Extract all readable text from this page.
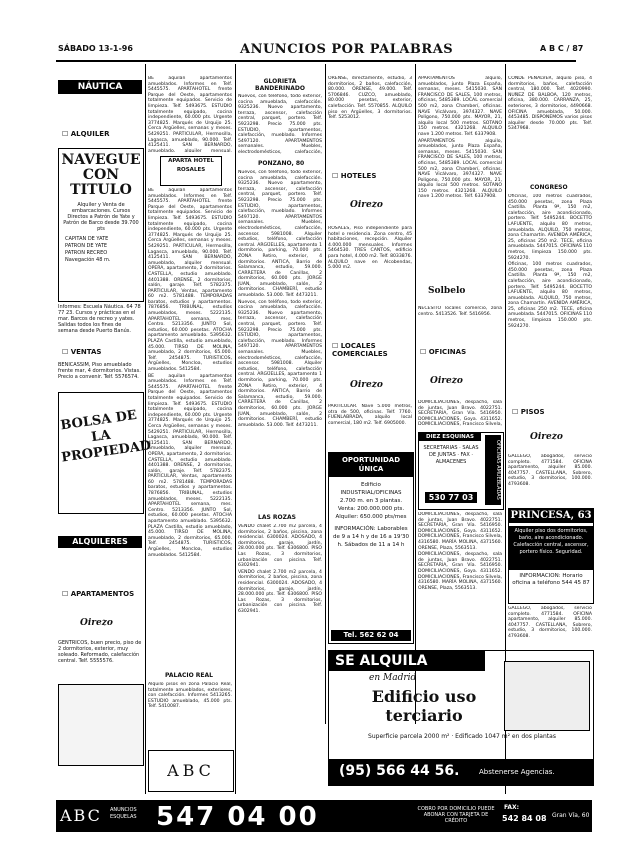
SÁBADO 13-1-96	ANUNCIOS POR PALABRAS	A B C / 87
NÁUTICA
☐ ALQUILER
NAVEGUE CON TITULO
Alquiler y Venta de embarcaciones. Cursos Directos a Patrón de Yate y Patrón de Barco desde 39.700 pts
CAPITAN DE YATE
PATRON DE YATE
PATRON RECREO
Navegación 48 m.
Informes: Escuela Náutica. 64 78 77 23. Cursos y prácticas en el mar. Barcos de recreo y yates. Salidas todos los fines de semana desde Puerto Banús.
☐ VENTAS
BENICASSIM, Piso amueblado frente mar, 4 dormitorios. Vistas. Precio a convenir. Telf. 5576574.
BOLSA DE LA PROPIEDAD
ALQUILERES
☐ APARTAMENTOS
Oirezo
GENTRICOS, buen precio, piso de 2 dormitorios, exterior, muy soleado. Reformado, calefacción central. Telf. 5555576.

BE aquilan apartamentos amueblados. Informes en Telf. 5445575. APARTAHOTEL frente Parque del Oeste, apartamentos totalmente equipados. Servicio de limpieza. Telf. 5493675. ESTUDIO totalmente equipado, cocina independiente, 60.000 pts. Urgente 3774825. Marqués de Urquijo 25. Cerca Argüelles, semanas y meses. 5429251. PARTICULAR, Hermosilla, Lagasca, amueblado, 90.000. Telf. 4125411. SAN BERNARDO, amueblado, alquiler mensual.

APARTA HOTEL ROSALES

BE aquilan apartamentos amueblados. Informes en Telf. 5445575. APARTAHOTEL frente Parque del Oeste, apartamentos totalmente equipados. Servicio de limpieza. Telf. 5493675. ESTUDIO totalmente equipado, cocina independiente, 60.000 pts. Urgente 3774825. Marqués de Urquijo 25. Cerca Argüelles, semanas y meses. 5429251. PARTICULAR, Hermosilla, Lagasca, amueblado, 90.000. Telf. 4125411. SAN BERNARDO, amueblado, alquiler mensual. OPERA, apartamento, 2 dormitorios. CASTELLA, estudio amueblado. 4401388. ORENSE, 2 dormitorios, salón, garaje. Telf. 5782375. PARTICULAR, Ventas, apartamento 60 m2. 5781488. TEMPORADAS baratos, estudios y apartamentos. 7876856. TRIBUNAL, estudios amueblados, meses. 5222135. APARTAHOTEL semana, mes. Centro. 5213356. JUNTO Sol, estudios, 60.000 pesetas. ATOCHA apartamento amueblado. 5395632. PLAZA Castilla, estudio amueblado, 45.000. TIRSO DE MOLINA, amueblado, 2 dormitorios, 65.000. Telf. 2454875. TURISTICOS, Argüelles, Moncloa, estudios amueblados. 5412584.

BE aquilan apartamentos amueblados. Informes en Telf. 5445575. APARTAHOTEL frente Parque del Oeste, apartamentos totalmente equipados. Servicio de limpieza. Telf. 5493675. ESTUDIO totalmente equipado, cocina independiente, 60.000 pts. Urgente 3774825. Marqués de Urquijo 25. Cerca Argüelles, semanas y meses. 5429251. PARTICULAR, Hermosilla, Lagasca, amueblado, 90.000. Telf. 4125411. SAN BERNARDO, amueblado, alquiler mensual. OPERA, apartamento, 2 dormitorios. CASTELLA, estudio amueblado. 4401388. ORENSE, 2 dormitorios, salón, garaje. Telf. 5782375. PARTICULAR, Ventas, apartamento 60 m2. 5781488. TEMPORADAS baratos, estudios y apartamentos. 7876856. TRIBUNAL, estudios amueblados, meses. 5222135. APARTAHOTEL semana, mes. Centro. 5213356. JUNTO Sol, estudios, 60.000 pesetas. ATOCHA apartamento amueblado. 5395632. PLAZA Castilla, estudio amueblado, 45.000. TIRSO DE MOLINA, amueblado, 2 dormitorios, 65.000. Telf. 2454875. TURISTICOS, Argüelles, Moncloa, estudios amueblados. 5412584.

PALACIO REAL

Alquilo pisos en zona Palacio Real, totalmente amueblados, exteriores, con calefacción. Informes 5413265. ESTUDIO amueblado, 45.000 pts. Telf. 5410087.

ABC
GLORIETA BANDERINADO

Nuevos, con teléfono, todo exterior, cocina amueblada, calefacción. 9325236. Nuevo apartamento, terraza, ascensor, calefacción central, parquet, portero. Telf. 5923298. Precio 75.000 pts. ESTUDIO, apartamentos, calefacción, mueblado. Informes 5497120. APARTAMENTOS semanales. Muebles, electrodomésticos, calefacción,

PONZANO, 80

Nuevos, con teléfono, todo exterior, cocina amueblada, calefacción. 9325236. Nuevo apartamento, terraza, ascensor, calefacción central, parquet, portero. Telf. 5923298. Precio 75.000 pts. ESTUDIO, apartamentos, calefacción, mueblado. Informes 5497120. APARTAMENTOS semanales. Muebles, electrodomésticos, calefacción, ascensor. 5981008. Alquiler estudios, teléfono, calefacción central. ARGÜELLES, apartamento 1 dormitorio, parking, 70.000 pts. ZONA Retiro, exterior, 4 dormitorios. ANTICA, Barrio de Salamanca, estudio, 59.000. CARRETERA de Canillas, 2 dormitorios, 60.000 pts. JORGE JUAN, amueblado, salón, 2 dormitorios. CHAMBERÍ, estudio amueblado. 53.000. Telf. 4473211.

Nuevos, con teléfono, todo exterior, cocina amueblada, calefacción. 9325236. Nuevo apartamento, terraza, ascensor, calefacción central, parquet, portero. Telf. 5923298. Precio 75.000 pts. ESTUDIO, apartamentos, calefacción, mueblado. Informes 5497120. APARTAMENTOS semanales. Muebles, electrodomésticos, calefacción, ascensor. 5981008. Alquiler estudios, teléfono, calefacción central. ARGÜELLES, apartamento 1 dormitorio, parking, 70.000 pts. ZONA Retiro, exterior, 4 dormitorios. ANTICA, Barrio de Salamanca, estudio, 59.000. CARRETERA de Canillas, 2 dormitorios, 60.000 pts. JORGE JUAN, amueblado, salón, 2 dormitorios. CHAMBERÍ, estudio amueblado. 53.000. Telf. 4473211.

LAS ROZAS

VENDO chalet 2.700 m2 parcela, 4 dormitorios, 2 baños, piscina, zona residencial. 6300024. ADOSADO, 4 dormitorios, garaje, jardín, 28.000.000 pts. Telf. 6306800. PISO Las Rozas, 3 dormitorios, urbanización con piscina. Telf. 6302941.

VENDO chalet 2.700 m2 parcela, 4 dormitorios, 2 baños, piscina, zona residencial. 6300024. ADOSADO, 4 dormitorios, garaje, jardín, 28.000.000 pts. Telf. 6306800. PISO Las Rozas, 3 dormitorios, urbanización con piscina. Telf. 6302941.

ORENSE, directamente, estudio, 3 dormitorios, 2 baños, calefacción, 80.000. ORENSE, 49.000. Telf. 5706846. CUZCO, amueblado, 80.000 pesetas, exterior, calefacción. Telf. 5570855. ALQUILO piso en Argüelles, 3 dormitorios. Telf. 5253012.

☐ HOTELES
Oirezo

ROSALES, Piso independiente para hotel o residencia. Zona centro, 45 habitaciones, recepción. Alquiler 4.000.000 mensuales. Informes 5464530. TRES CANTOS, edificio para hotel, 4.000 m2. Telf. 8033876. ALQUILO nave en Alcobendas, 5.000 m2.

☐ LOCALES COMERCIALES
Oirezo

PARTICULAR. Nave 5.000 metros, otra de 500, oficinas. Telf. 7760. FUENLABRADA, alquilo local comercial, 180 m2. Telf. 6905000.

OPORTUNIDAD ÚNICA
Edificio INDUSTRIAL/OFICINAS 2.700 m. en 3 plantas. Venta: 200.000.000 pts. Alquiler: 650.000 pts/mes
INFORMACIÓN: Laborables de 9 a 14 h y de 16 a 19'30 h. Sábados de 11 a 14 h
Tel. 562 62 04

APARTAMENTOS alquilo, amueblados, junto Plaza España, semanas, meses. 5415030. SAN FRANCISCO DE SALES, 100 metros, oficinas, 5485389. LOCAL comercial 500 m2, zona Chamberí, oficinas. NAVE Vicálvaro, 3974327. NAVE Polígono, 750.000 pts. MAYOR, 21, alquilo local 500 metros. SOTANO 150 metros. 4321268. ALQUILO nave 1.200 metros. Telf. 6337908.

APARTAMENTOS alquilo, amueblados, junto Plaza España, semanas, meses. 5415030. SAN FRANCISCO DE SALES, 100 metros, oficinas, 5485389. LOCAL comercial 500 m2, zona Chamberí, oficinas. NAVE Vicálvaro, 3974327. NAVE Polígono, 750.000 pts. MAYOR, 21, alquilo local 500 metros. SOTANO 150 metros. 4321268. ALQUILO nave 1.200 metros. Telf. 6337908.

Solbelo

NECESITO locales comercio, zona centro. 5413526. Telf. 5416956.

☐ OFICINAS
Oirezo

DOMICILIACIONES, despacho, sala de juntas, Juan Bravo. 4022751. SECRETARIA, Gran Vía. 5416950. DOMICILIACIONES, Goya. 4311652. DOMICILIACIONES, Francisco Silvela,

DIEZ ESQUINAS
SECRETARIAS · SALAS DE JUNTAS · FAX · ALMACENES
530 77 03	OFICINAS AMUEBLADAS

DOMICILIACIONES, despacho, sala de juntas, Juan Bravo. 4022751. SECRETARIA, Gran Vía. 5416950. DOMICILIACIONES, Goya. 4311652. DOMICILIACIONES, Francisco Silvela, 4316580. MARÍA MOLINA, 4371560. ORENSE, Plaza, 5563513.

DOMICILIACIONES, despacho, sala de juntas, Juan Bravo. 4022751. SECRETARIA, Gran Vía. 5416950. DOMICILIACIONES, Goya. 4311652. DOMICILIACIONES, Francisco Silvela, 4316580. MARÍA MOLINA, 4371560. ORENSE, Plaza, 5563513.

CONDE PEÑALVER, alquilo piso, 4 dormitorios, baños, calefacción central, 180.000. Telf. 4020990. NUÑEZ DE BALBOA, 120 metros, oficina, 380.000. CARRANZA, 25, exteriores, 3 dormitorios, 4490668. OFICINA amueblada, 50.000. 4453485. DISPONEMOS varios pisos alquiler desde 70.000 pts. Telf. 5347968.

CONGRESO

Oficinas, 100 metros cuadrados, 450.000 pesetas, zona Plaza Castilla. Planta 9ª, 150 m2, calefacción, aire acondicionado, portero. Telf. 5495244. BOCETTO LAFUENTE, alquilo 80 metros, amueblada. ALQUILO, 750 metros, zona Chamartín. AVENIDA AMÉRICA, 25, oficinas 250 m2. TECE, oficina amueblada. 5447015. OFICINAS 110 metros, limpieza 150.000 pts. 5924270.

Oficinas, 100 metros cuadrados, 450.000 pesetas, zona Plaza Castilla. Planta 9ª, 150 m2, calefacción, aire acondicionado, portero. Telf. 5495244. BOCETTO LAFUENTE, alquilo 80 metros, amueblada. ALQUILO, 750 metros, zona Chamartín. AVENIDA AMÉRICA, 25, oficinas 250 m2. TECE, oficina amueblada. 5447015. OFICINAS 110 metros, limpieza 150.000 pts. 5924270.

☐ PISOS
Oirezo

GALLEGO, abogados, servicio completo. 4771584. OFICINA apartamento, alquiler 85.000. 4047757. CASTELLANA, Sobrero, estudio, 3 dormitorios, 100.000. 4793608.

PRINCESA, 63
Alquiler piso dos dormitorios, baño, aire acondicionado. Calefacción central, ascensor, portero físico. Seguridad.
INFORMACIÓN: Horario oficina a teléfono 544 45 87

GALLEGO, abogados, servicio completo. 4771584. OFICINA apartamento, alquiler 85.000. 4047757. CASTELLANA, Sobrero, estudio, 3 dormitorios, 100.000. 4793608.

SE ALQUILA
en Madrid
Edificio uso terciario
Superficie parcela 2000 m² · Edificado 1047 m² en dos plantas
(95) 566 44 56.	Abstenerse Agencias.
ABC ANUNCIOS ESQUELAS 547 04 00	COBRO POR DOMICILIO PUEDE ABONAR CON TARJETA DE CRÉDITO
FAX:
542 84 08 Gran Vía, 60
